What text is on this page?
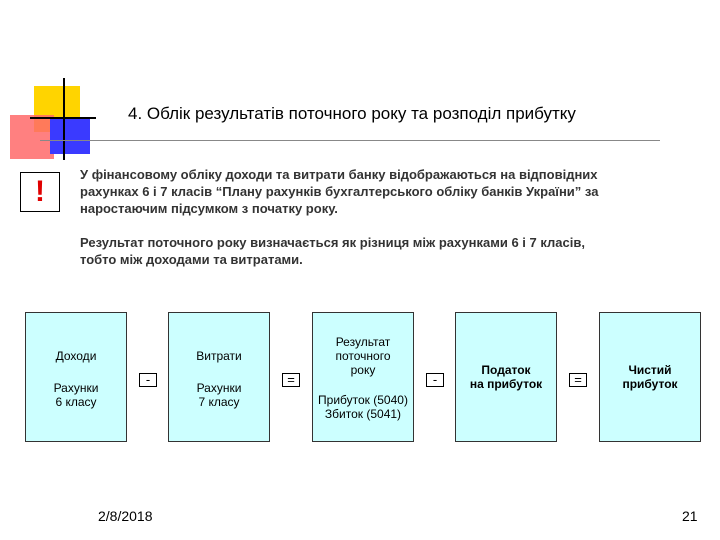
4. Облік результатів поточного року та розподіл прибутку
!
У фінансовому обліку доходи та витрати банку відображаються на відповідних
рахунках 6 і 7 класів “Плану рахунків бухгалтерського обліку банків України” за
наростаючим підсумком з початку року.
Результат поточного року визначається як різниця між рахунками 6 і 7 класів,
тобто між доходами та витратами.
Доходи
Рахунки
6 класу
-
Витрати
Рахунки
7 класу
=
Результат
поточного
року
Прибуток (5040)
Збиток (5041)
-
Податок
на прибуток	=
Чистий
прибуток
2/8/2018	21
